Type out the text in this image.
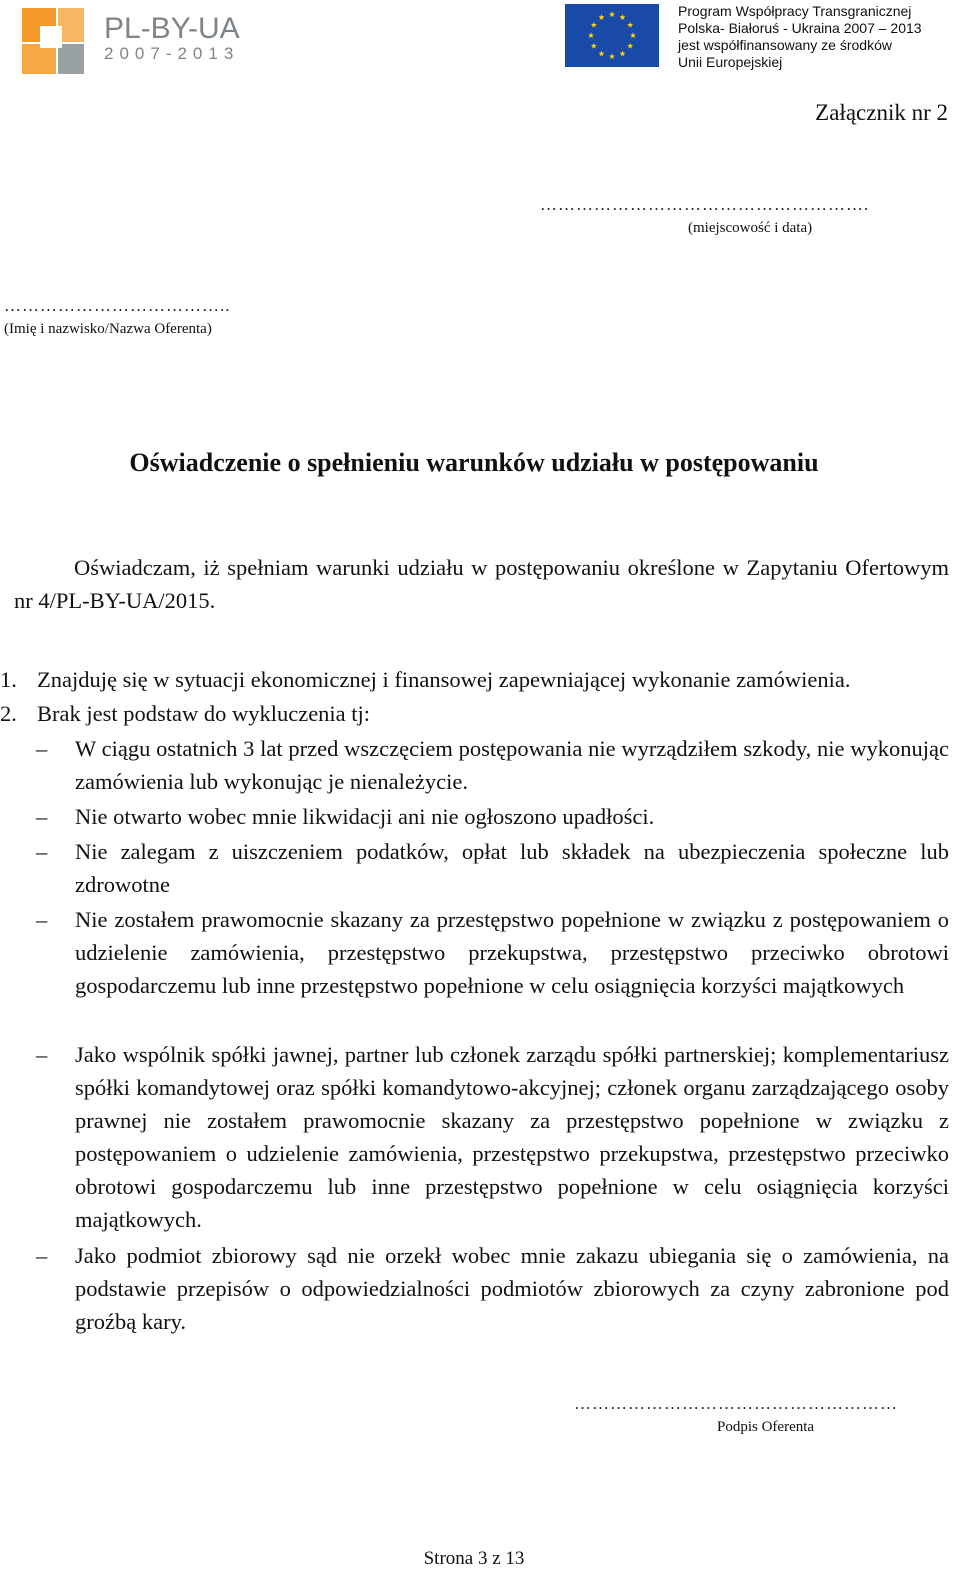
PL-BY-UA
2007-2013
Program Współpracy Transgranicznej
Polska- Białoruś - Ukraina 2007 – 2013
jest współfinansowany ze środków
Unii Europejskiej
Załącznik nr 2
……………………………………………….
(miejscowość i data)
………………………………..
(Imię i nazwisko/Nazwa Oferenta)
Oświadczenie o spełnieniu warunków udziału w postępowaniu
Oświadczam, iż spełniam warunki udziału w postępowaniu określone w Zapytaniu Ofertowym nr 4/PL-BY-UA/2015.
1. Znajduję się w sytuacji ekonomicznej i finansowej zapewniającej wykonanie zamówienia.
2. Brak jest podstaw do wykluczenia tj:
– W ciągu ostatnich 3 lat przed wszczęciem postępowania nie wyrządziłem szkody, nie wykonując zamówienia lub wykonując je nienależycie.
– Nie otwarto wobec mnie likwidacji ani nie ogłoszono upadłości.
– Nie zalegam z uiszczeniem podatków, opłat lub składek na ubezpieczenia społeczne lub zdrowotne
– Nie zostałem prawomocnie skazany za przestępstwo popełnione w związku z postępowaniem o udzielenie zamówienia, przestępstwo przekupstwa, przestępstwo przeciwko obrotowi gospodarczemu lub inne przestępstwo popełnione w celu osiągnięcia korzyści majątkowych
– Jako wspólnik spółki jawnej, partner lub członek zarządu spółki partnerskiej; komplementariusz spółki komandytowej oraz spółki komandytowo-akcyjnej; członek organu zarządzającego osoby prawnej nie zostałem prawomocnie skazany za przestępstwo popełnione w związku z postępowaniem o udzielenie zamówienia, przestępstwo przekupstwa, przestępstwo przeciwko obrotowi gospodarczemu lub inne przestępstwo popełnione w celu osiągnięcia korzyści majątkowych.
– Jako podmiot zbiorowy sąd nie orzekł wobec mnie zakazu ubiegania się o zamówienia, na podstawie przepisów o odpowiedzialności podmiotów zbiorowych za czyny zabronione pod groźbą kary.
………………………………………………
Podpis Oferenta
Strona 3 z 13
